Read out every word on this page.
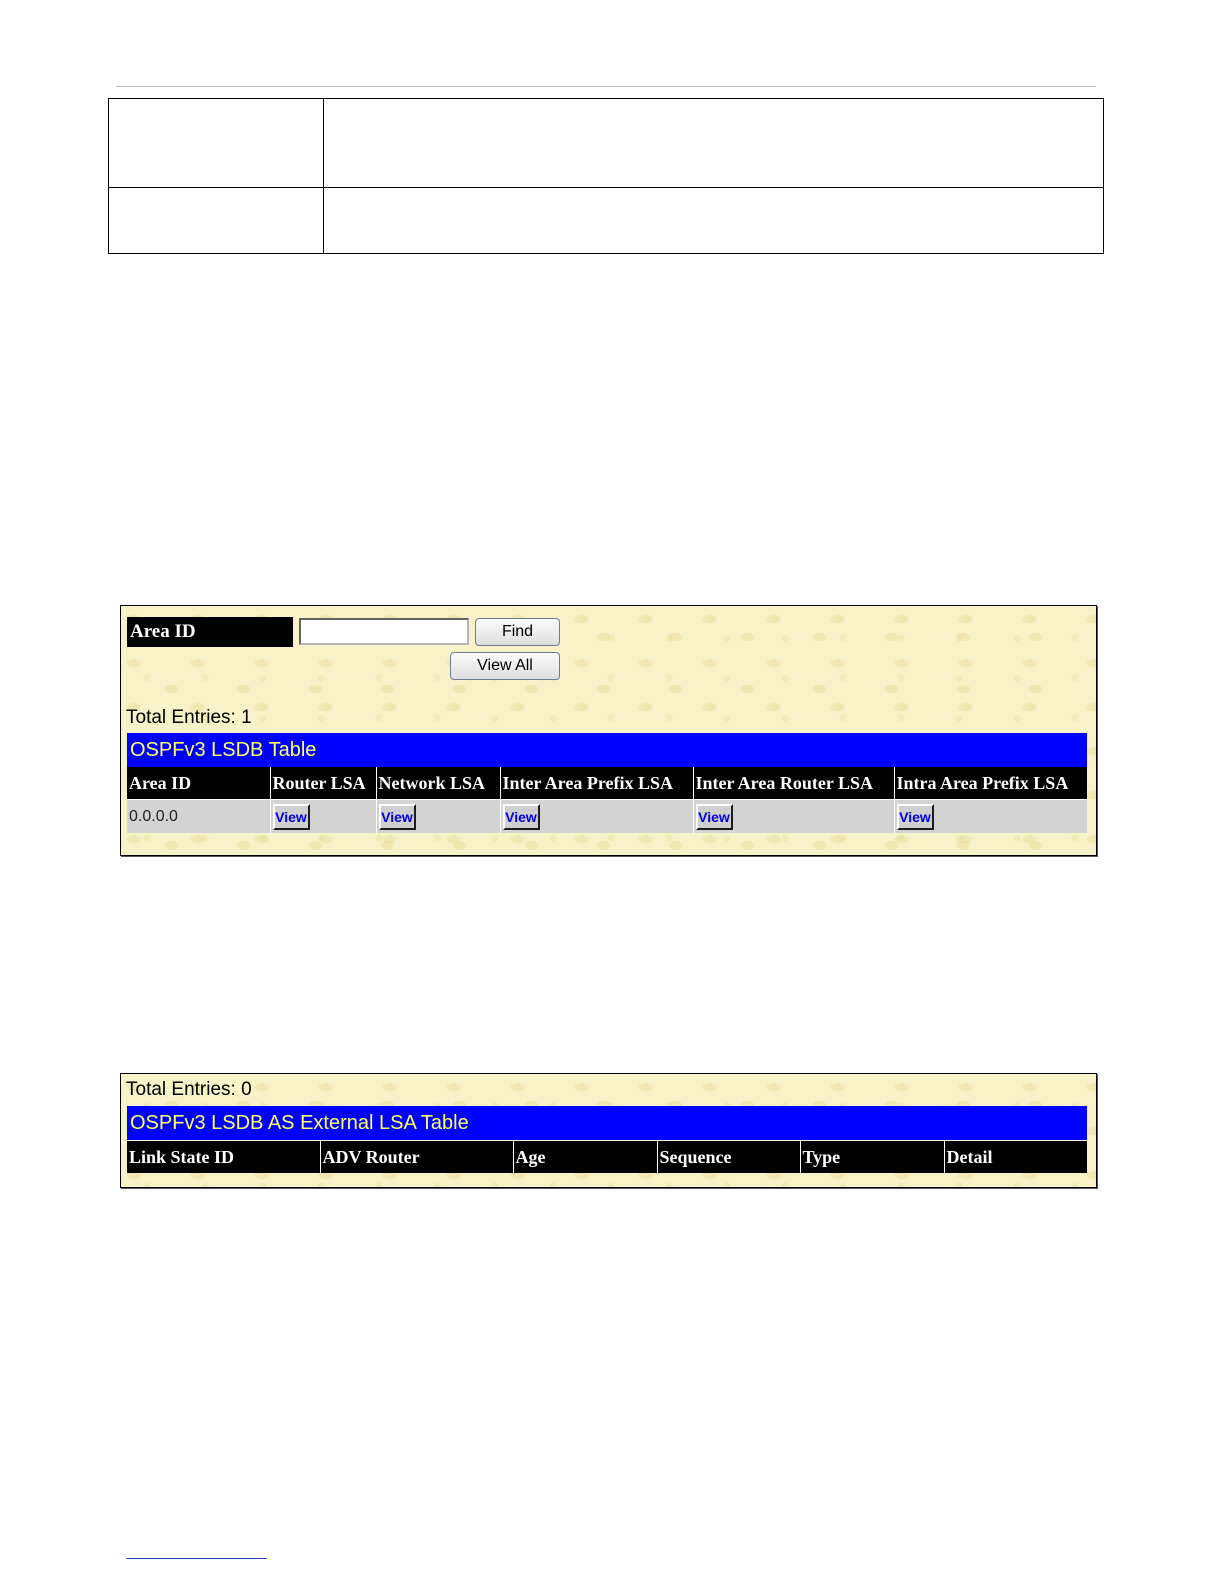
Area ID	Find
View All
Total Entries: 1
OSPFv3 LSDB Table
Area ID	Router LSA	Network LSA	Inter Area Prefix LSA	Inter Area Router LSA	Intra Area Prefix LSA

0.0.0.0	View	View	View	View	View
Total Entries: 0
OSPFv3 LSDB AS External LSA Table
Link State ID	ADV Router	Age	Sequence	Type	Detail
